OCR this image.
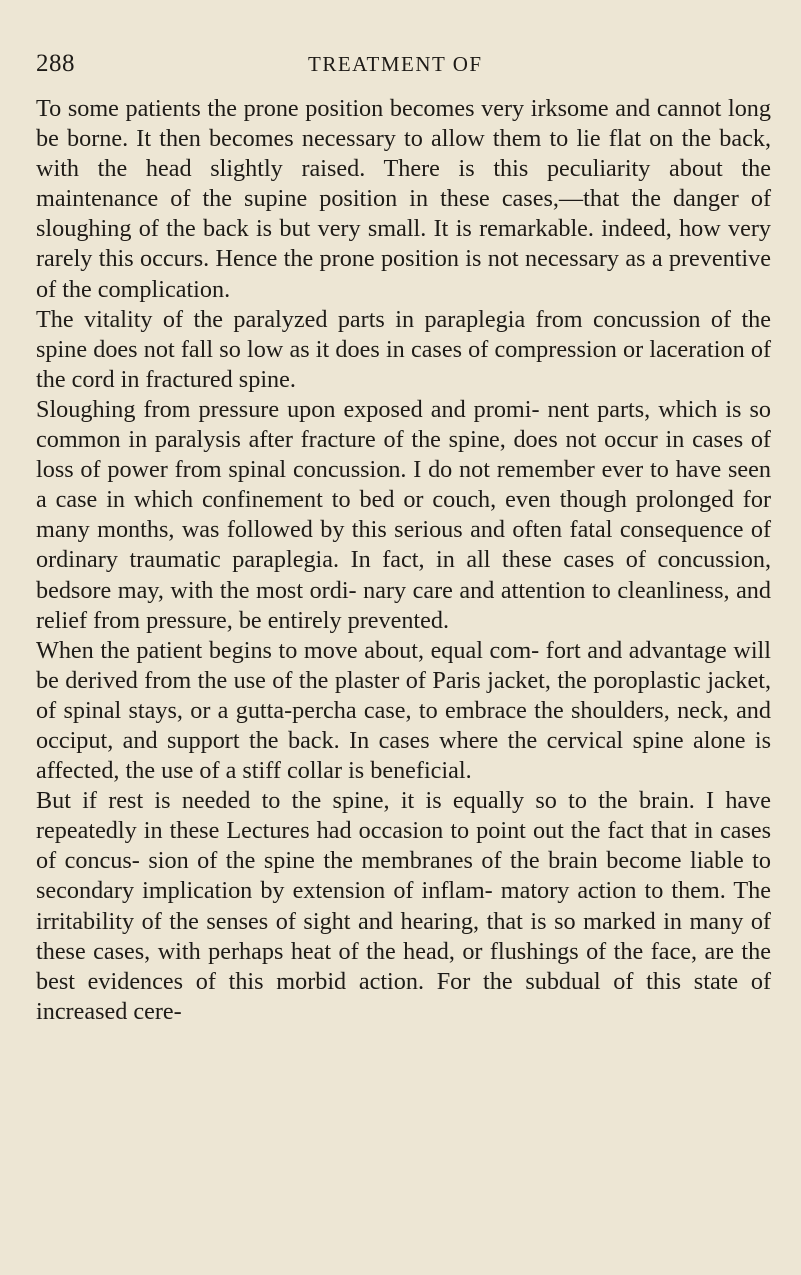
288	TREATMENT OF

To some patients the prone position becomes very irksome and cannot long be borne. It then becomes necessary to allow them to lie flat on the back, with the head slightly raised. There is this peculiarity about the maintenance of the supine position in these cases,—that the danger of sloughing of the back is but very small. It is remarkable. indeed, how very rarely this occurs. Hence the prone position is not necessary as a preventive of the complication.

The vitality of the paralyzed parts in paraplegia from concussion of the spine does not fall so low as it does in cases of compression or laceration of the cord in fractured spine.

Sloughing from pressure upon exposed and promi- nent parts, which is so common in paralysis after fracture of the spine, does not occur in cases of loss of power from spinal concussion. I do not remember ever to have seen a case in which confinement to bed or couch, even though prolonged for many months, was followed by this serious and often fatal consequence of ordinary traumatic paraplegia. In fact, in all these cases of concussion, bedsore may, with the most ordi- nary care and attention to cleanliness, and relief from pressure, be entirely prevented.

When the patient begins to move about, equal com- fort and advantage will be derived from the use of the plaster of Paris jacket, the poroplastic jacket, of spinal stays, or a gutta-percha case, to embrace the shoulders, neck, and occiput, and support the back. In cases where the cervical spine alone is affected, the use of a stiff collar is beneficial.

But if rest is needed to the spine, it is equally so to the brain. I have repeatedly in these Lectures had occasion to point out the fact that in cases of concus- sion of the spine the membranes of the brain become liable to secondary implication by extension of inflam- matory action to them. The irritability of the senses of sight and hearing, that is so marked in many of these cases, with perhaps heat of the head, or flushings of the face, are the best evidences of this morbid action. For the subdual of this state of increased cere-
